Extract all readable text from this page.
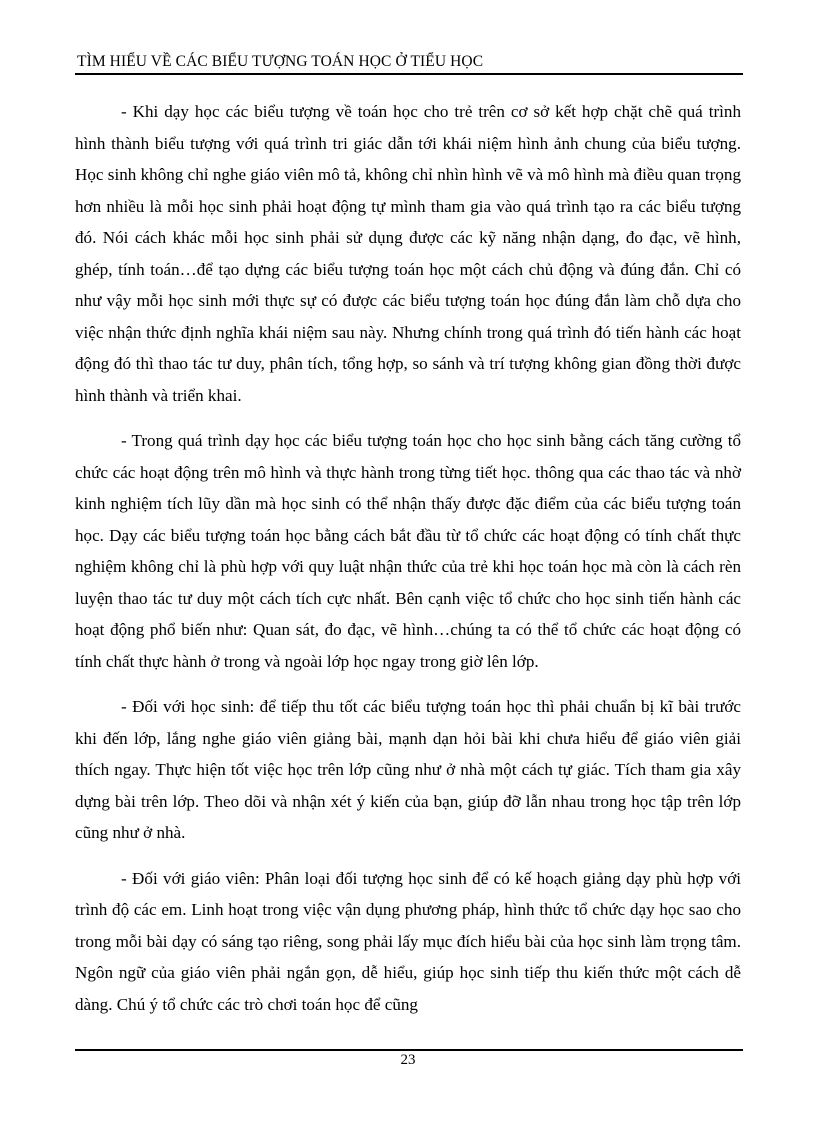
TÌM HIỂU VỀ CÁC BIỂU TƯỢNG TOÁN HỌC Ở TIỂU HỌC

- Khi dạy học các biểu tượng về toán học cho trẻ trên cơ sở kết hợp chặt chẽ quá trình hình thành biểu tượng với quá trình tri giác dẫn tới khái niệm hình ảnh chung của biểu tượng. Học sinh không chỉ nghe giáo viên mô tả, không chỉ nhìn hình vẽ và mô hình mà điều quan trọng hơn nhiều là mỗi học sinh phải hoạt động tự mình tham gia vào quá trình tạo ra các biểu tượng đó. Nói cách khác mỗi học sinh phải sử dụng được các kỹ năng nhận dạng, đo đạc, vẽ hình, ghép, tính toán…để tạo dựng các biểu tượng toán học một cách chủ động và đúng đắn. Chỉ có như vậy mỗi học sinh mới thực sự có được các biểu tượng toán học đúng đắn làm chỗ dựa cho việc nhận thức định nghĩa khái niệm sau này. Nhưng chính trong quá trình đó tiến hành các hoạt động đó thì thao tác tư duy, phân tích, tổng hợp, so sánh và trí tượng không gian đồng thời được hình thành và triển khai.

- Trong quá trình dạy học các biểu tượng toán học cho học sinh bằng cách tăng cường tổ chức các hoạt động trên mô hình và thực hành trong từng tiết học. thông qua các thao tác và nhờ kinh nghiệm tích lũy dần mà học sinh có thể nhận thấy được đặc điểm của các biểu tượng toán học. Dạy các biểu tượng toán học bằng cách bắt đầu từ tổ chức các hoạt động có tính chất thực nghiệm không chỉ là phù hợp với quy luật nhận thức của trẻ khi học toán học mà còn là cách rèn luyện thao tác tư duy một cách tích cực nhất. Bên cạnh việc tổ chức cho học sinh tiến hành các hoạt động phổ biến như: Quan sát, đo đạc, vẽ hình…chúng ta có thể tổ chức các hoạt động có tính chất thực hành ở trong và ngoài lớp học ngay trong giờ lên lớp.

- Đối với học sinh: để tiếp thu tốt các biểu tượng toán học thì phải chuẩn bị kĩ bài trước khi đến lớp, lắng nghe giáo viên giảng bài, mạnh dạn hỏi bài khi chưa hiểu để giáo viên giải thích ngay. Thực hiện tốt việc học trên lớp cũng như ở nhà một cách tự giác. Tích tham gia xây dựng bài trên lớp. Theo dõi và nhận xét ý kiến của bạn, giúp đỡ lẫn nhau trong học tập trên lớp cũng như ở nhà.

- Đối với giáo viên: Phân loại đối tượng học sinh để có kế hoạch giảng dạy phù hợp với trình độ các em. Linh hoạt trong việc vận dụng phương pháp, hình thức tổ chức dạy học sao cho trong mỗi bài dạy có sáng tạo riêng, song phải lấy mục đích hiểu bài của học sinh làm trọng tâm. Ngôn ngữ của giáo viên phải ngắn gọn, dễ hiểu, giúp học sinh tiếp thu kiến thức một cách dễ dàng. Chú ý tổ chức các trò chơi toán học để cũng

23
